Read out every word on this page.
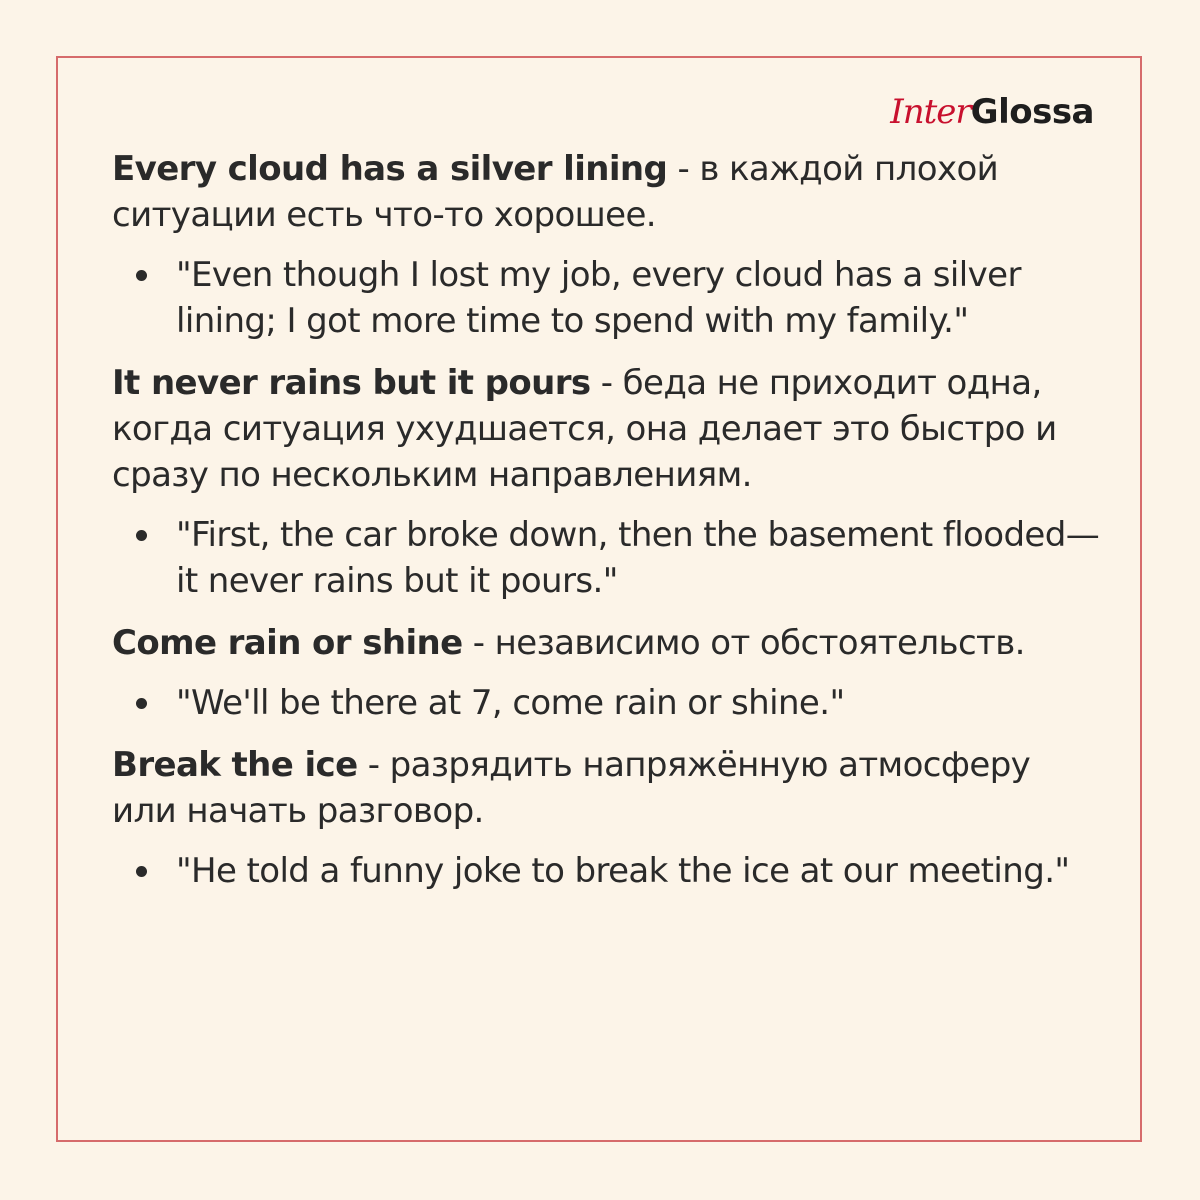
InterGlossa

Every cloud has a silver lining - в каждой плохой ситуации есть что-то хорошее.

"Even though I lost my job, every cloud has a silver lining; I got more time to spend with my family."

It never rains but it pours - беда не приходит одна, когда ситуация ухудшается, она делает это быстро и сразу по нескольким направлениям.

"First, the car broke down, then the basement flooded—it never rains but it pours."

Come rain or shine - независимо от обстоятельств.

"We'll be there at 7, come rain or shine."

Break the ice - разрядить напряжённую атмосферу или начать разговор.

"He told a funny joke to break the ice at our meeting."
